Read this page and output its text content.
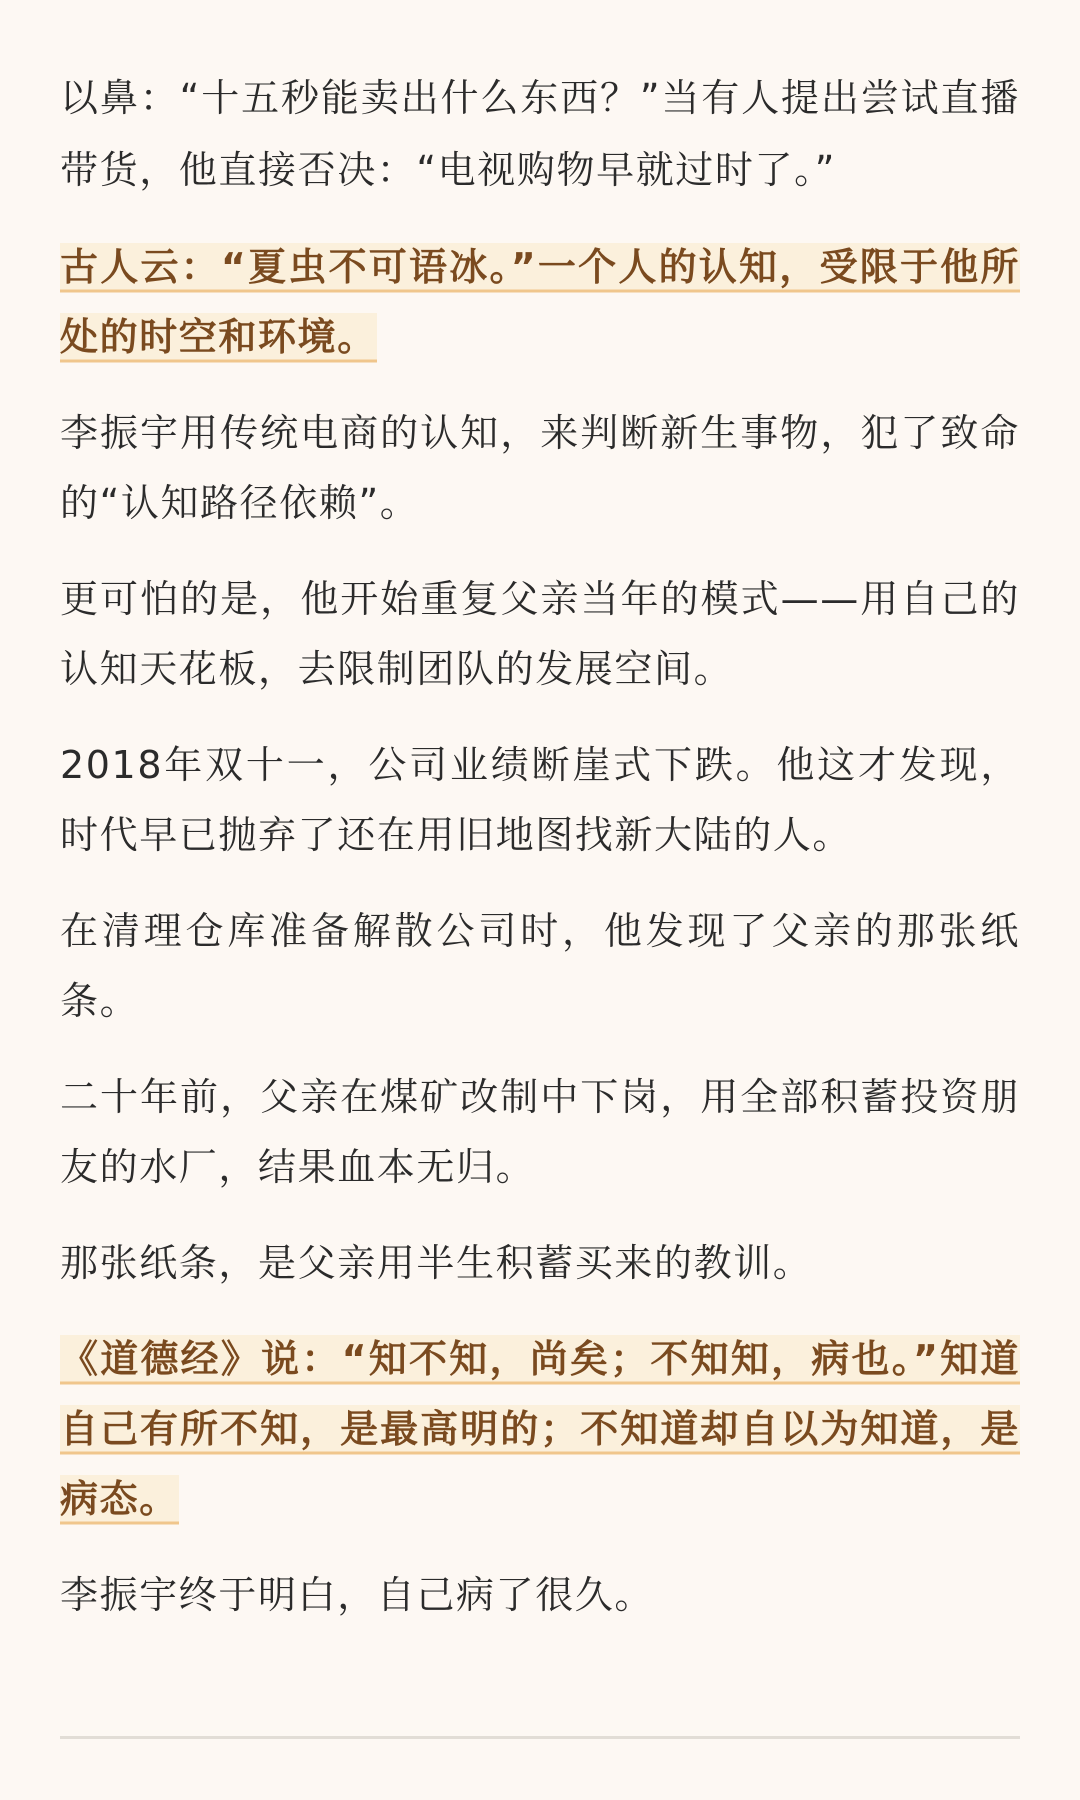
以鼻：“十五秒能卖出什么东西？”当有人提出尝试直播带货，他直接否决：“电视购物早就过时了。”

古人云：“夏虫不可语冰。”一个人的认知，受限于他所处的时空和环境。

李振宇用传统电商的认知，来判断新生事物，犯了致命的“认知路径依赖”。

更可怕的是，他开始重复父亲当年的模式——用自己的认知天花板，去限制团队的发展空间。

2018年双十一，公司业绩断崖式下跌。他这才发现，时代早已抛弃了还在用旧地图找新大陆的人。

在清理仓库准备解散公司时，他发现了父亲的那张纸条。

二十年前，父亲在煤矿改制中下岗，用全部积蓄投资朋友的水厂，结果血本无归。

那张纸条，是父亲用半生积蓄买来的教训。

《道德经》说：“知不知，尚矣；不知知，病也。”知道自己有所不知，是最高明的；不知道却自以为知道，是病态。

李振宇终于明白，自己病了很久。
